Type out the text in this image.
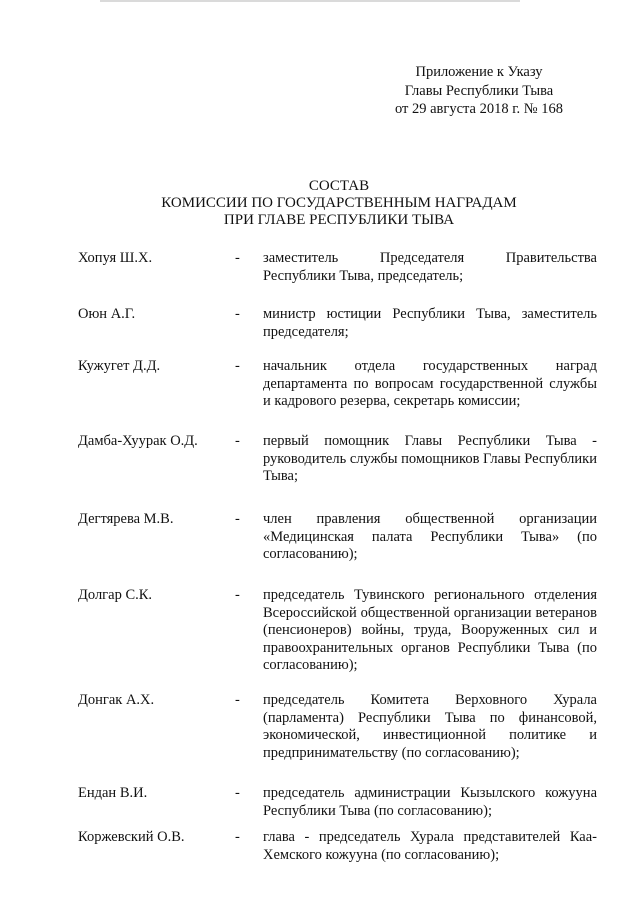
Приложение к Указу
Главы Республики Тыва
от 29 августа 2018 г. № 168
СОСТАВ
КОМИССИИ ПО ГОСУДАРСТВЕННЫМ НАГРАДАМ
ПРИ ГЛАВЕ РЕСПУБЛИКИ ТЫВА
Хопуя Ш.Х.	- заместитель Председателя Правительства Республики Тыва, председатель;
Оюн А.Г.	- министр юстиции Республики Тыва, заместитель председателя;
Кужугет Д.Д.	- начальник отдела государственных наград департамента по вопросам государственной службы и кадрового резерва, секретарь комиссии;
Дамба-Хуурак О.Д.	- первый помощник Главы Республики Тыва - руководитель службы помощников Главы Республики Тыва;
Дегтярева М.В.	- член правления общественной организации «Медицинская палата Республики Тыва» (по согласованию);
Долгар С.К.	- председатель Тувинского регионального отделения Всероссийской общественной организации ветеранов (пенсионеров) войны, труда, Вооруженных сил и правоохранительных органов Республики Тыва (по согласованию);
Донгак А.Х.	- председатель Комитета Верховного Хурала (парламента) Республики Тыва по финансовой, экономической, инвестиционной политике и предпринимательству (по согласованию);
Ендан В.И.	- председатель администрации Кызылского кожууна Республики Тыва (по согласованию);
Коржевский О.В.	- глава - председатель Хурала представителей Каа-Хемского кожууна (по согласованию);
